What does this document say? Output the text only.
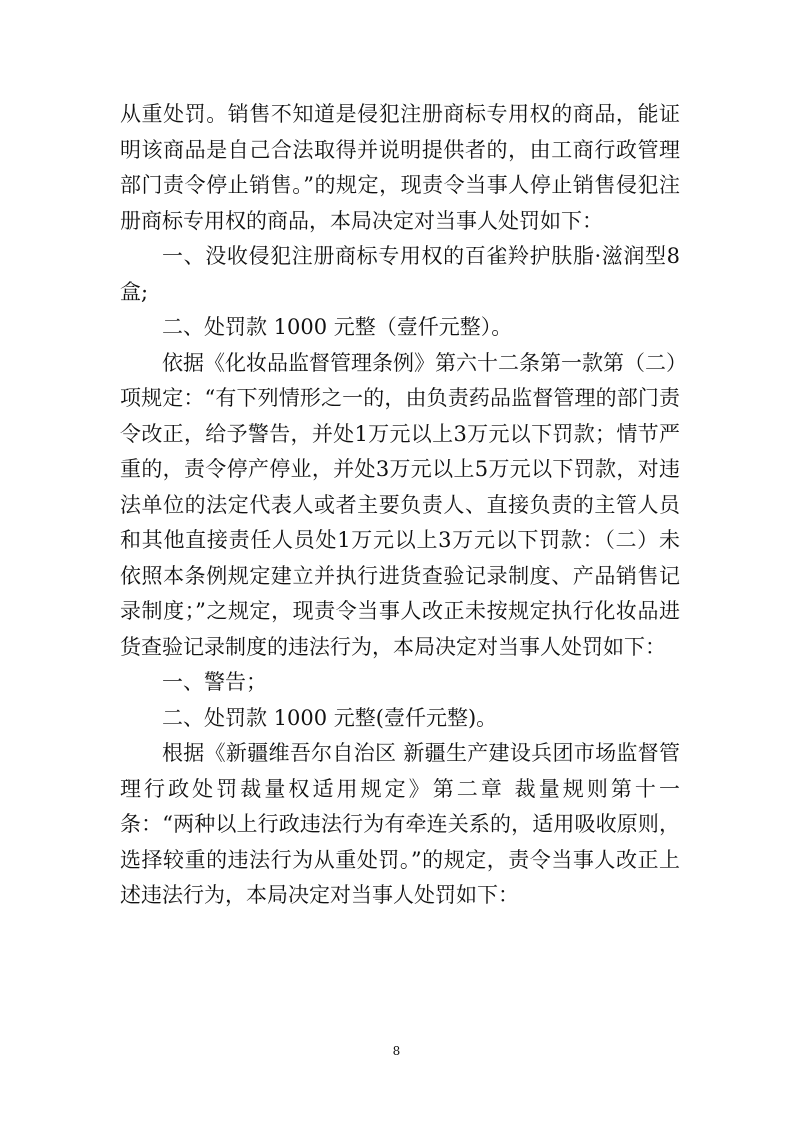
从重处罚。销售不知道是侵犯注册商标专用权的商品，能证明该商品是自己合法取得并说明提供者的，由工商行政管理部门责令停止销售。”的规定，现责令当事人停止销售侵犯注册商标专用权的商品，本局决定对当事人处罚如下：

一、没收侵犯注册商标专用权的百雀羚护肤脂·滋润型8 盒;

二、处罚款 1000 元整（壹仟元整）。

依据《化妆品监督管理条例》第六十二条第一款第（二）项规定：“有下列情形之一的，由负责药品监督管理的部门责令改正，给予警告，并处1万元以上3万元以下罚款；情节严重的，责令停产停业，并处3万元以上5万元以下罚款，对违法单位的法定代表人或者主要负责人、直接负责的主管人员和其他直接责任人员处1万元以上3万元以下罚款：（二）未依照本条例规定建立并执行进货查验记录制度、产品销售记录制度；”之规定，现责令当事人改正未按规定执行化妆品进货查验记录制度的违法行为，本局决定对当事人处罚如下：

一、警告；

二、处罚款 1000 元整(壹仟元整)。

根据《新疆维吾尔自治区 新疆生产建设兵团市场监督管理行政处罚裁量权适用规定》第二章 裁量规则第十一条：“两种以上行政违法行为有牵连关系的，适用吸收原则，选择较重的违法行为从重处罚。”的规定，责令当事人改正上述违法行为，本局决定对当事人处罚如下：

8
